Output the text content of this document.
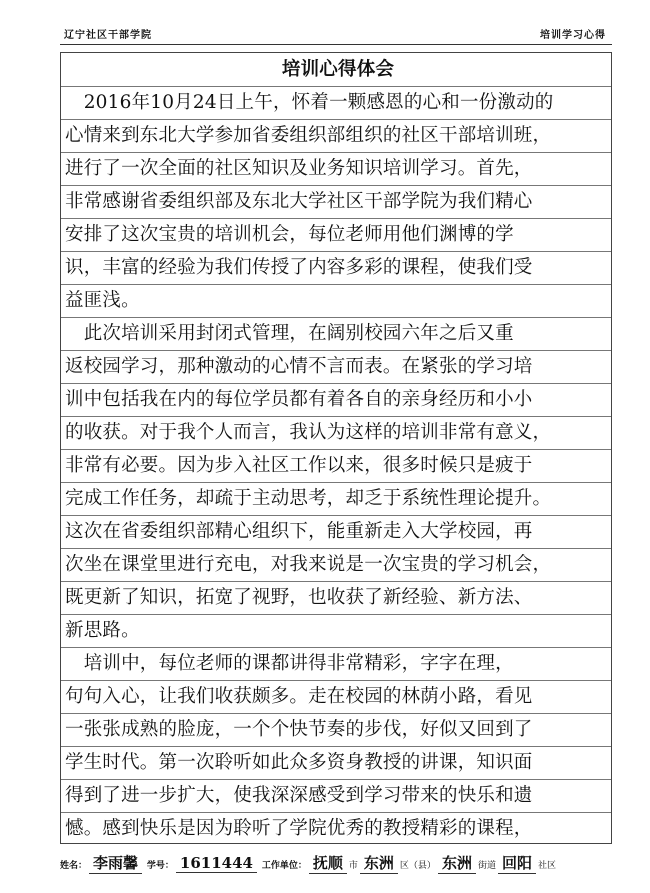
辽宁社区干部学院	培训学习心得
培训心得体会
　2016年10月24日上午，怀着一颗感恩的心和一份激动的
心情来到东北大学参加省委组织部组织的社区干部培训班，
进行了一次全面的社区知识及业务知识培训学习。首先，
非常感谢省委组织部及东北大学社区干部学院为我们精心
安排了这次宝贵的培训机会，每位老师用他们渊博的学
识，丰富的经验为我们传授了内容多彩的课程，使我们受
益匪浅。
　此次培训采用封闭式管理，在阔别校园六年之后又重
返校园学习，那种激动的心情不言而表。在紧张的学习培
训中包括我在内的每位学员都有着各自的亲身经历和小小
的收获。对于我个人而言，我认为这样的培训非常有意义，
非常有必要。因为步入社区工作以来，很多时候只是疲于
完成工作任务，却疏于主动思考，却乏于系统性理论提升。
这次在省委组织部精心组织下，能重新走入大学校园，再
次坐在课堂里进行充电，对我来说是一次宝贵的学习机会，
既更新了知识，拓宽了视野，也收获了新经验、新方法、
新思路。
　培训中，每位老师的课都讲得非常精彩，字字在理，
句句入心，让我们收获颇多。走在校园的林荫小路，看见
一张张成熟的脸庞，一个个快节奏的步伐，好似又回到了
学生时代。第一次聆听如此众多资身教授的讲课，知识面
得到了进一步扩大，使我深深感受到学习带来的快乐和遗
憾。感到快乐是因为聆听了学院优秀的教授精彩的课程，
姓名： 李雨馨 学号： 1611444 工作单位： 抚顺 市 东洲 区（县） 东洲 街道 回阳 社区
